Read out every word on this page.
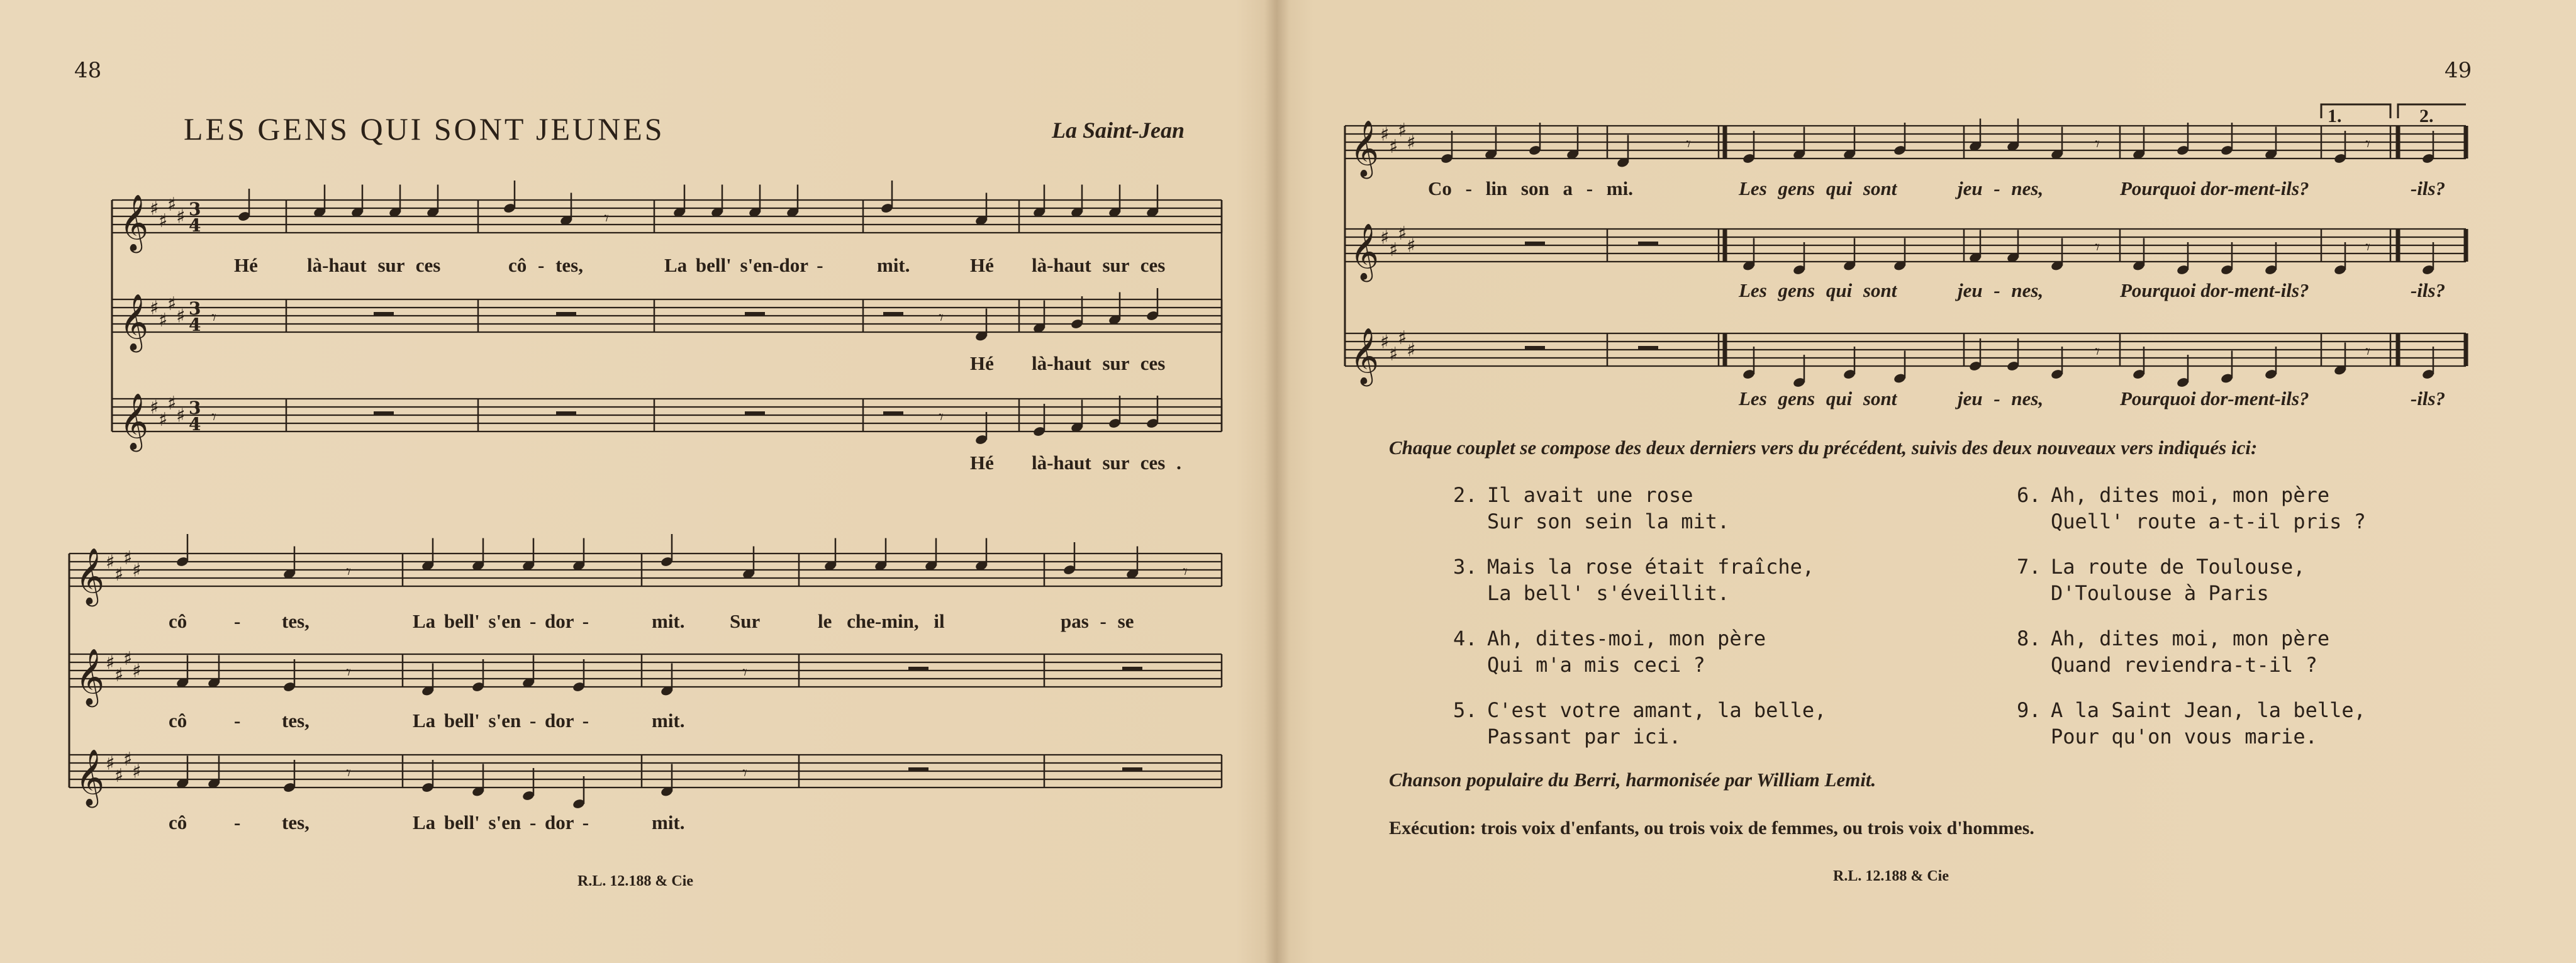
48
LES GENS QUI SONT JEUNES	La Saint-Jean
Hé	là-haut sur ces	cô - tes,	La bell' s'en-dor -	mit.	Hé là-haut sur ces
Hé là-haut sur ces
Hé là-haut sur ces .
cô - tes,	La bell' s'en - dor -	mit. Sur	le che-min, il	pas - se
cô - tes,	La bell' s'en - dor -	mit.
cô - tes,	La bell' s'en - dor -	mit.
R.L. 12.188 & Cie
49
1.	2.
Co - lin son a - mi.	Les gens qui sont	jeu - nes,	Pourquoi dor-ment-ils?	-ils?
Les gens qui sont	jeu - nes,	Pourquoi dor-ment-ils?	-ils?
Les gens qui sont	jeu - nes,	Pourquoi dor-ment-ils?	-ils?
Chaque couplet se compose des deux derniers vers du précédent, suivis des deux nouveaux vers indiqués ici:
2. Il avait une rose
Sur son sein la mit.
3. Mais la rose était fraîche,
La bell' s'éveillit.
4. Ah, dites-moi, mon père
Qui m'a mis ceci ?
5. C'est votre amant, la belle,
Passant par ici.
6. Ah, dites moi, mon père
Quell' route a-t-il pris ?
7. La route de Toulouse,
D'Toulouse à Paris
8. Ah, dites moi, mon père
Quand reviendra-t-il ?
9. A la Saint Jean, la belle,
Pour qu'on vous marie.
Chanson populaire du Berri, harmonisée par William Lemit.
Exécution: trois voix d'enfants, ou trois voix de femmes, ou trois voix d'hommes.
R.L. 12.188 & Cie
𝄞 ♯
♯
♯
♯ 3
4
𝄞 ♯
♯
♯
♯ 3
4
𝄞 ♯
♯
♯
♯ 3
4
𝄾
𝄾
𝄾
𝄾
𝄾
𝄞 ♯
♯
♯
♯
𝄞 ♯
♯
♯
♯
𝄞 ♯
♯
♯
♯
𝄾	𝄾
𝄾	𝄾
𝄾	𝄾
𝄞 ♯
♯
♯
♯
𝄞 ♯
♯
♯
♯
𝄞 ♯
♯
♯
♯
𝄾	𝄾	𝄾
𝄾	𝄾
𝄾	𝄾
